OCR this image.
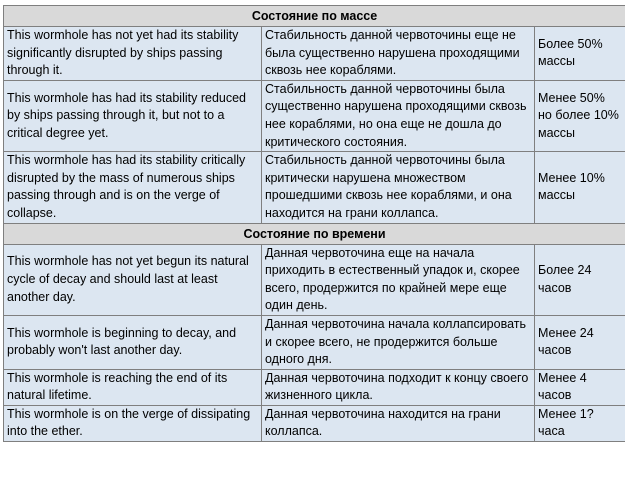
Состояние по массе		
This wormhole has not yet had its stability significantly disrupted by ships passing through it.	Стабильность данной червоточины еще не была существенно нарушена проходящими сквозь нее кораблями.	Более 50% массы
This wormhole has had its stability reduced by ships passing through it, but not to a critical degree yet.	Стабильность данной червоточины была существенно нарушена проходящими сквозь нее кораблями, но она еще не дошла до критического состояния.	Менее 50% но более 10% массы
This wormhole has had its stability critically disrupted by the mass of numerous ships passing through and is on the verge of collapse.	Стабильность данной червоточины была критически нарушена множеством прошедшими сквозь нее кораблями, и она находится на грани коллапса.	Менее 10% массы
Состояние по времени		
This wormhole has not yet begun its natural cycle of decay and should last at least another day.	Данная червоточина еще на начала приходить в естественный упадок и, скорее всего, продержится по крайней мере еще один день.	Более 24 часов
This wormhole is beginning to decay, and probably won't last another day.	Данная червоточина начала коллапсировать и скорее всего, не продержится больше одного дня.	Менее 24 часов
This wormhole is reaching the end of its natural lifetime.	Данная червоточина подходит к концу своего жизненного цикла.	Менее 4 часов
This wormhole is on the verge of dissipating into the ether.	Данная червоточина находится на грани коллапса.	Менее 1? часа
